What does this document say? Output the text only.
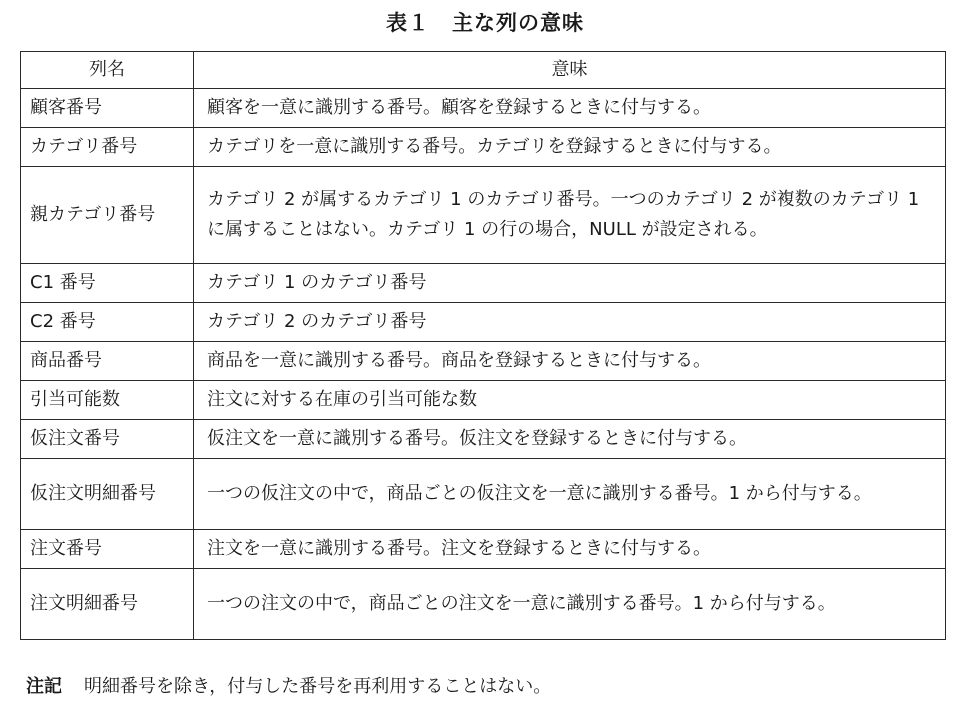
表１　主な列の意味
列名	意味
顧客番号	顧客を一意に識別する番号。顧客を登録するときに付与する。
カテゴリ番号	カテゴリを一意に識別する番号。カテゴリを登録するときに付与する。
親カテゴリ番号	カテゴリ 2 が属するカテゴリ 1 のカテゴリ番号。一つのカテゴリ 2 が複数のカテゴリ 1 に属することはない。カテゴリ 1 の行の場合，NULL が設定される。
C1 番号	カテゴリ 1 のカテゴリ番号
C2 番号	カテゴリ 2 のカテゴリ番号
商品番号	商品を一意に識別する番号。商品を登録するときに付与する。
引当可能数	注文に対する在庫の引当可能な数
仮注文番号	仮注文を一意に識別する番号。仮注文を登録するときに付与する。
仮注文明細番号	一つの仮注文の中で，商品ごとの仮注文を一意に識別する番号。1 から付与する。
注文番号	注文を一意に識別する番号。注文を登録するときに付与する。
注文明細番号	一つの注文の中で，商品ごとの注文を一意に識別する番号。1 から付与する。
注記 明細番号を除き，付与した番号を再利用することはない。
